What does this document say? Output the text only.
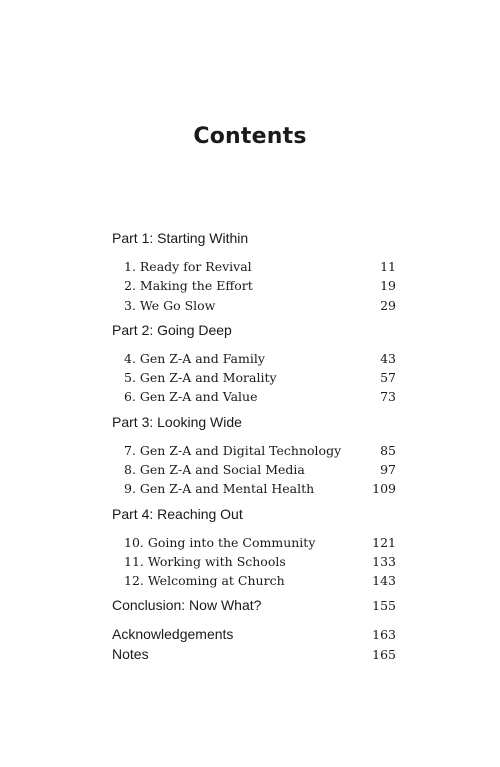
Contents
Part 1: Starting Within
1. Ready for Revival	11
2. Making the Effort	19
3. We Go Slow	29
Part 2: Going Deep
4. Gen Z-A and Family	43
5. Gen Z-A and Morality	57
6. Gen Z-A and Value	73
Part 3: Looking Wide
7. Gen Z-A and Digital Technology	85
8. Gen Z-A and Social Media	97
9. Gen Z-A and Mental Health	109
Part 4: Reaching Out
10. Going into the Community	121
11. Working with Schools	133
12. Welcoming at Church	143
Conclusion: Now What?	155
Acknowledgements	163
Notes	165
